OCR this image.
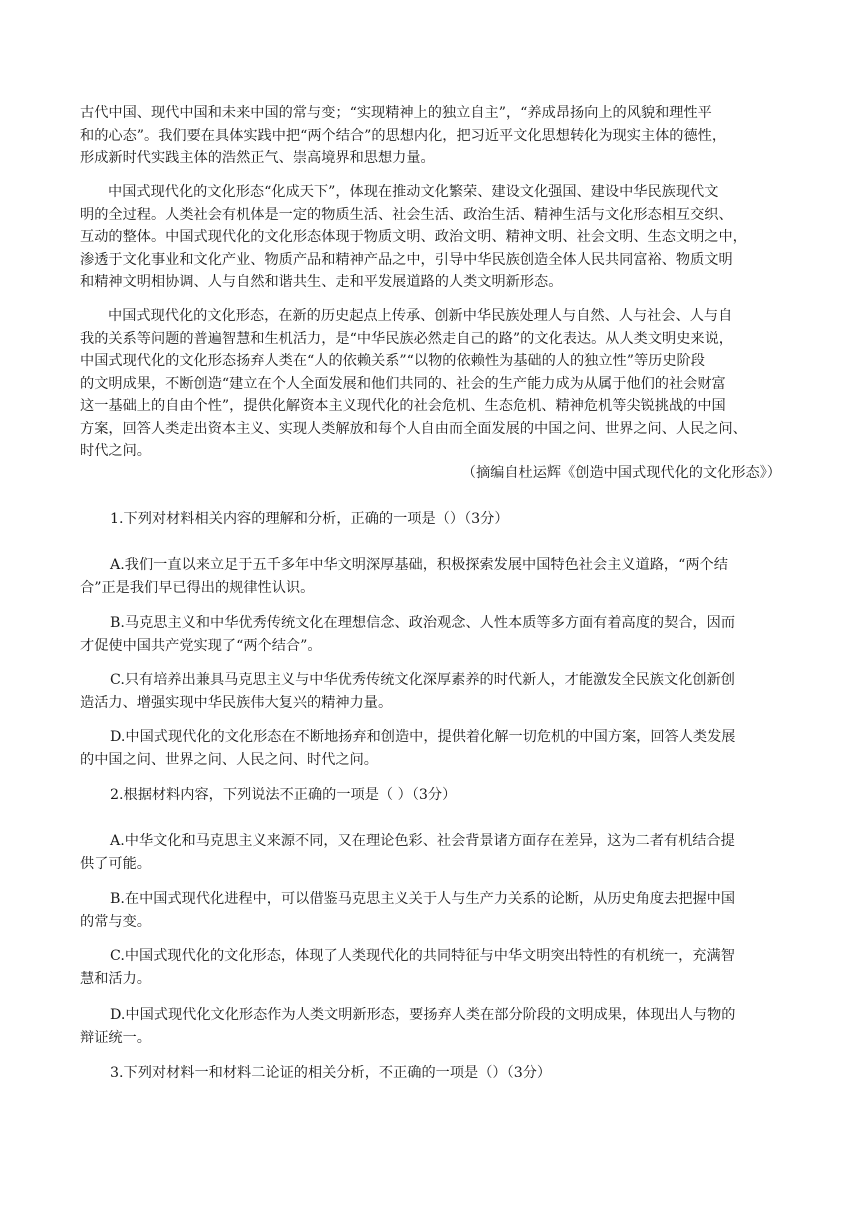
古代中国、现代中国和未来中国的常与变；“实现精神上的独立自主”，“养成昂扬向上的风貌和理性平
和的心态”。我们要在具体实践中把“两个结合”的思想内化，把习近平文化思想转化为现实主体的德性，
形成新时代实践主体的浩然正气、崇高境界和思想力量。
中国式现代化的文化形态“化成天下”，体现在推动文化繁荣、建设文化强国、建设中华民族现代文
明的全过程。人类社会有机体是一定的物质生活、社会生活、政治生活、精神生活与文化形态相互交织、
互动的整体。中国式现代化的文化形态体现于物质文明、政治文明、精神文明、社会文明、生态文明之中，
渗透于文化事业和文化产业、物质产品和精神产品之中，引导中华民族创造全体人民共同富裕、物质文明
和精神文明相协调、人与自然和谐共生、走和平发展道路的人类文明新形态。
中国式现代化的文化形态，在新的历史起点上传承、创新中华民族处理人与自然、人与社会、人与自
我的关系等问题的普遍智慧和生机活力，是“中华民族必然走自己的路”的文化表达。从人类文明史来说，
中国式现代化的文化形态扬弃人类在“人的依赖关系”“以物的依赖性为基础的人的独立性”等历史阶段
的文明成果，不断创造“建立在个人全面发展和他们共同的、社会的生产能力成为从属于他们的社会财富
这一基础上的自由个性”，提供化解资本主义现代化的社会危机、生态危机、精神危机等尖锐挑战的中国
方案，回答人类走出资本主义、实现人类解放和每个人自由而全面发展的中国之问、世界之问、人民之问、
时代之问。

（摘编自杜运辉《创造中国式现代化的文化形态》）

1.下列对材料相关内容的理解和分析，正确的一项是（）（3分）

A.我们一直以来立足于五千多年中华文明深厚基础，积极探索发展中国特色社会主义道路，“两个结
合”正是我们早已得出的规律性认识。
B.马克思主义和中华优秀传统文化在理想信念、政治观念、人性本质等多方面有着高度的契合，因而
才促使中国共产党实现了“两个结合”。
C.只有培养出兼具马克思主义与中华优秀传统文化深厚素养的时代新人，才能激发全民族文化创新创
造活力、增强实现中华民族伟大复兴的精神力量。
D.中国式现代化的文化形态在不断地扬弃和创造中，提供着化解一切危机的中国方案，回答人类发展
的中国之问、世界之问、人民之问、时代之问。

2.根据材料内容，下列说法不正确的一项是（ ）（3分）

A.中华文化和马克思主义来源不同，又在理论色彩、社会背景诸方面存在差异，这为二者有机结合提
供了可能。
B.在中国式现代化进程中，可以借鉴马克思主义关于人与生产力关系的论断，从历史角度去把握中国
的常与变。
C.中国式现代化的文化形态，体现了人类现代化的共同特征与中华文明突出特性的有机统一，充满智
慧和活力。
D.中国式现代化文化形态作为人类文明新形态，要扬弃人类在部分阶段的文明成果，体现出人与物的
辩证统一。

3.下列对材料一和材料二论证的相关分析，不正确的一项是（）（3分）
